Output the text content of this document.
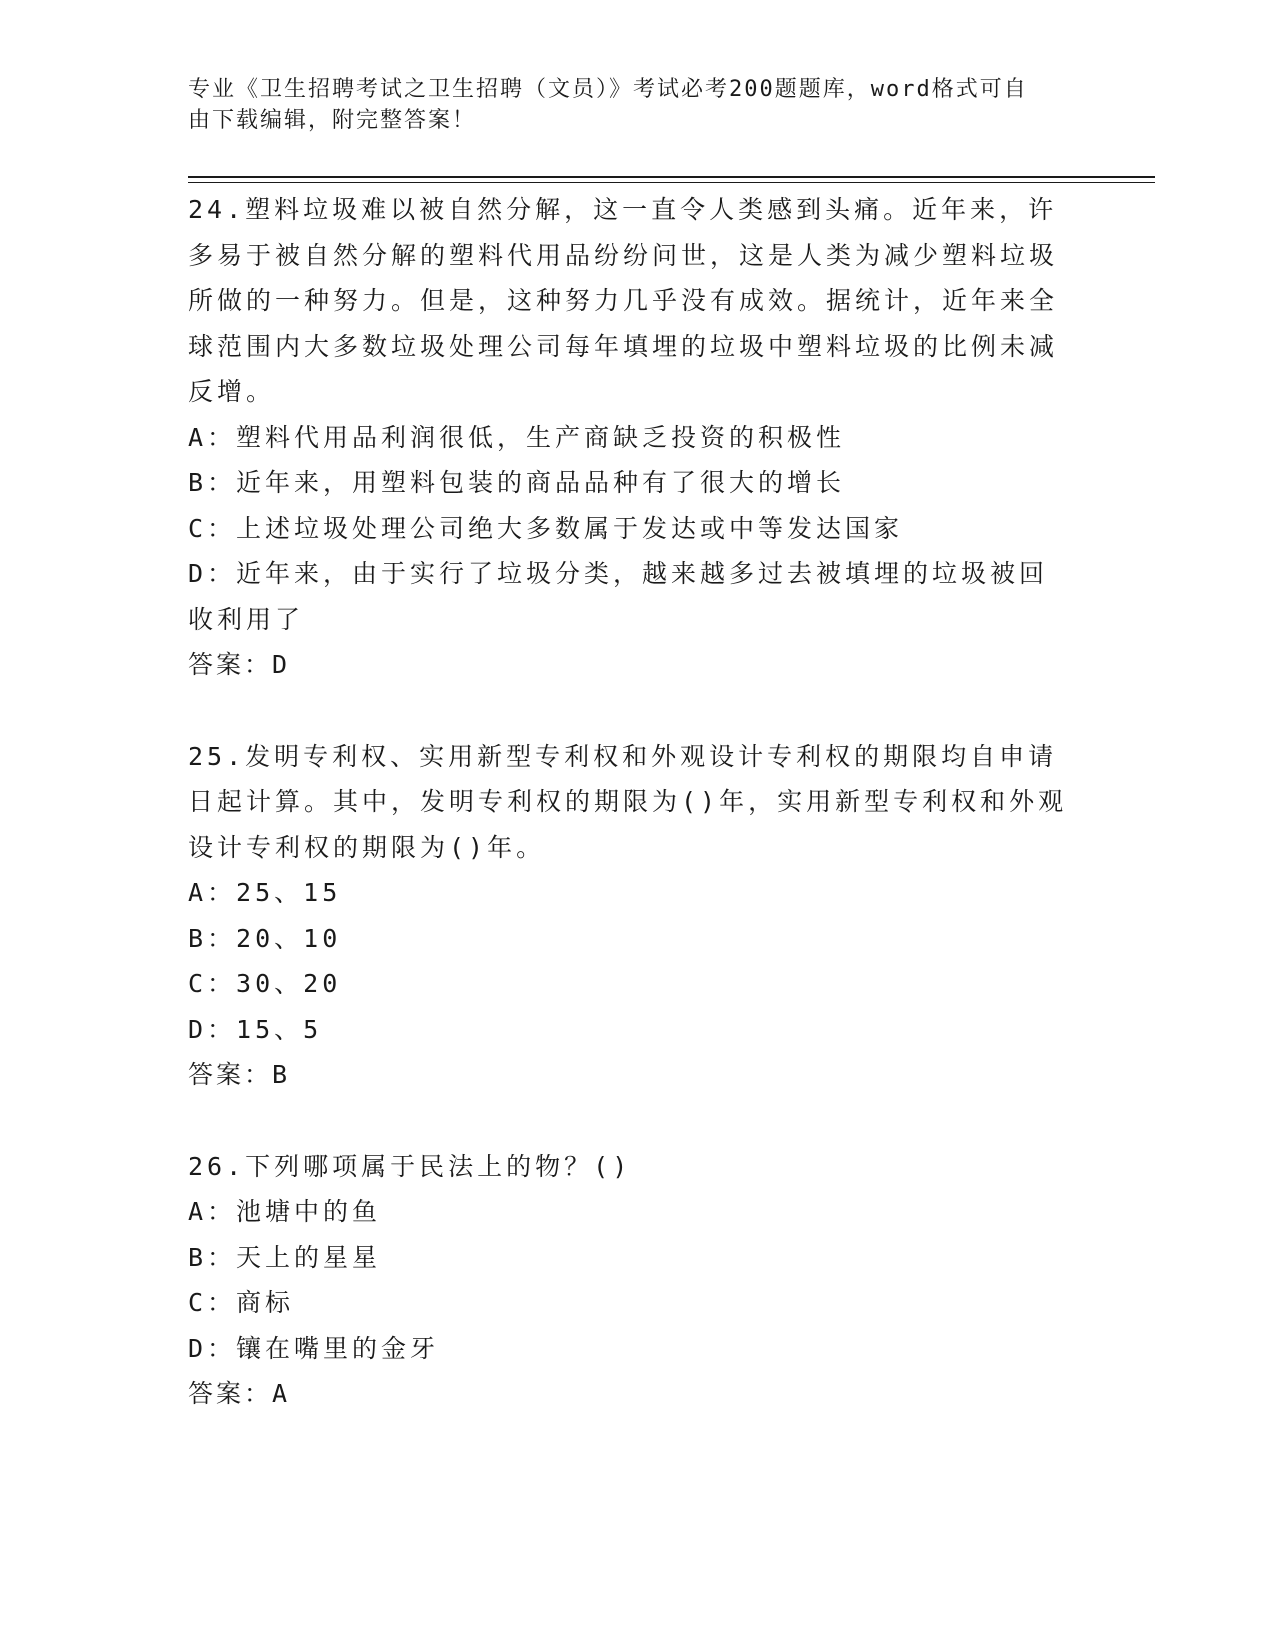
专业《卫生招聘考试之卫生招聘（文员）》考试必考200题题库，word格式可自
由下载编辑，附完整答案！

24.塑料垃圾难以被自然分解，这一直令人类感到头痛。近年来，许多易于被自然分解的塑料代用品纷纷问世，这是人类为减少塑料垃圾所做的一种努力。但是，这种努力几乎没有成效。据统计，近年来全球范围内大多数垃圾处理公司每年填埋的垃圾中塑料垃圾的比例未减反增。

A：塑料代用品利润很低，生产商缺乏投资的积极性

B：近年来，用塑料包装的商品品种有了很大的增长

C：上述垃圾处理公司绝大多数属于发达或中等发达国家

D：近年来，由于实行了垃圾分类，越来越多过去被填埋的垃圾被回收利用了

答案：D

25.发明专利权、实用新型专利权和外观设计专利权的期限均自申请日起计算。其中，发明专利权的期限为()年，实用新型专利权和外观设计专利权的期限为()年。

A：25、15

B：20、10

C：30、20

D：15、5

答案：B

26.下列哪项属于民法上的物？()

A：池塘中的鱼

B：天上的星星

C：商标

D：镶在嘴里的金牙

答案：A
